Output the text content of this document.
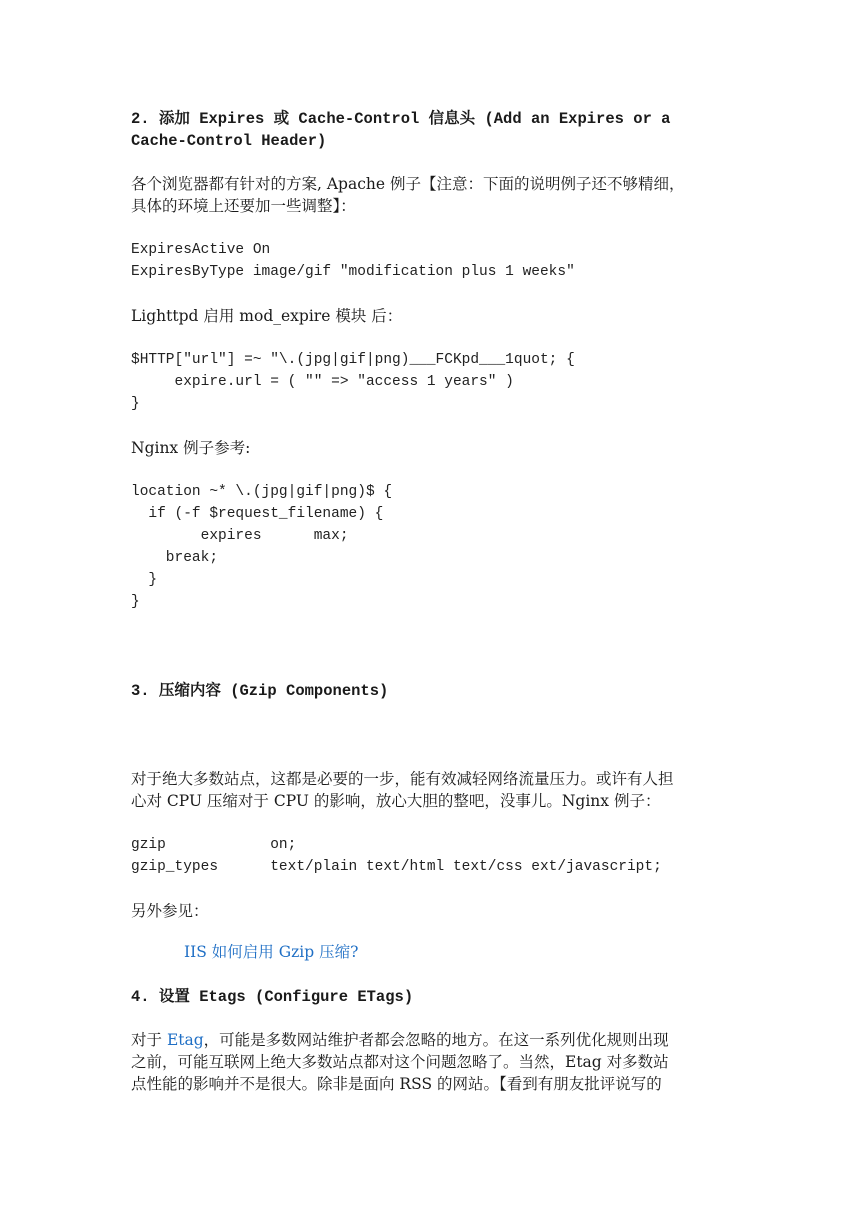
2. 添加 Expires 或 Cache-Control 信息头 (Add an Expires or a
Cache-Control Header)
各个浏览器都有针对的方案, Apache 例子【注意：下面的说明例子还不够精细，
具体的环境上还要加一些调整】：
ExpiresActive On
ExpiresByType image/gif "modification plus 1 weeks"
Lighttpd 启用 mod_expire 模块 后：
$HTTP["url"] =~ "\.(jpg|gif|png)___FCKpd___1quot; {
expire.url = ( "" => "access 1 years" )
}
Nginx 例子参考:
location ~* \.(jpg|gif|png)$ {
if (-f $request_filename) {
expires      max;
break;
}
}
3. 压缩内容 (Gzip Components)
对于绝大多数站点，这都是必要的一步，能有效减轻网络流量压力。或许有人担
心对 CPU 压缩对于 CPU 的影响，放心大胆的整吧，没事儿。Nginx 例子：
gzip            on;
gzip_types      text/plain text/html text/css ext/javascript;
另外参见：
IIS 如何启用 Gzip 压缩?
4. 设置 Etags (Configure ETags)
对于 Etag，可能是多数网站维护者都会忽略的地方。在这一系列优化规则出现
之前，可能互联网上绝大多数站点都对这个问题忽略了。当然，Etag 对多数站
点性能的影响并不是很大。除非是面向 RSS 的网站。【看到有朋友批评说写的
